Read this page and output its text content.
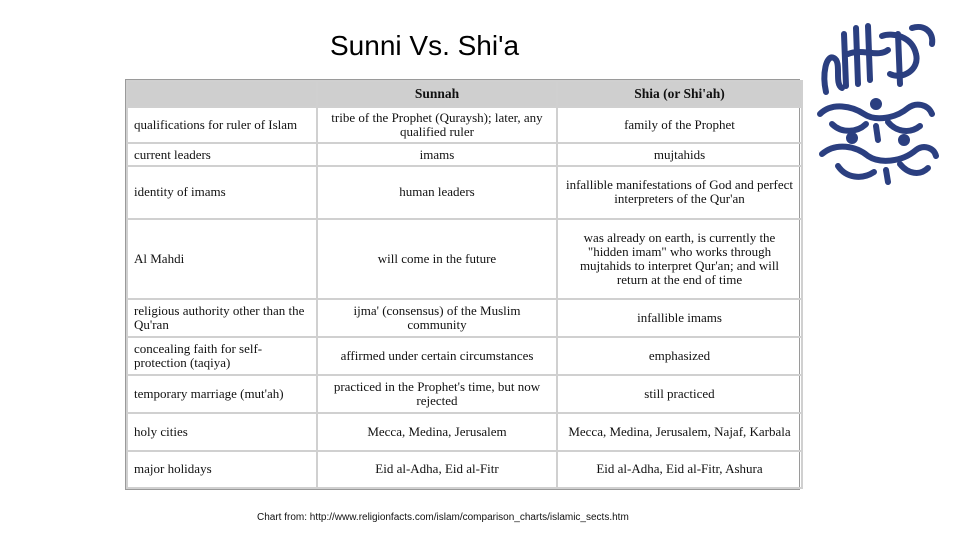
Sunni Vs. Shi'a
	Sunnah	Shia (or Shi'ah)
qualifications for ruler of Islam	tribe of the Prophet (Quraysh); later, any qualified ruler	family of the Prophet
current leaders	imams	mujtahids
identity of imams	human leaders	infallible manifestations of God and perfect interpreters of the Qur'an
Al Mahdi	will come in the future	was already on earth, is currently the "hidden imam" who works through mujtahids to interpret Qur'an; and will return at the end of time
religious authority other than the Qu'ran	ijma' (consensus) of the Muslim community	infallible imams
concealing faith for self-protection (taqiya)	affirmed under certain circumstances	emphasized
temporary marriage (mut'ah)	practiced in the Prophet's time, but now rejected	still practiced
holy cities	Mecca, Medina, Jerusalem	Mecca, Medina, Jerusalem, Najaf, Karbala
major holidays	Eid al-Adha, Eid al-Fitr	Eid al-Adha, Eid al-Fitr, Ashura
Chart from: http://www.religionfacts.com/islam/comparison_charts/islamic_sects.htm
